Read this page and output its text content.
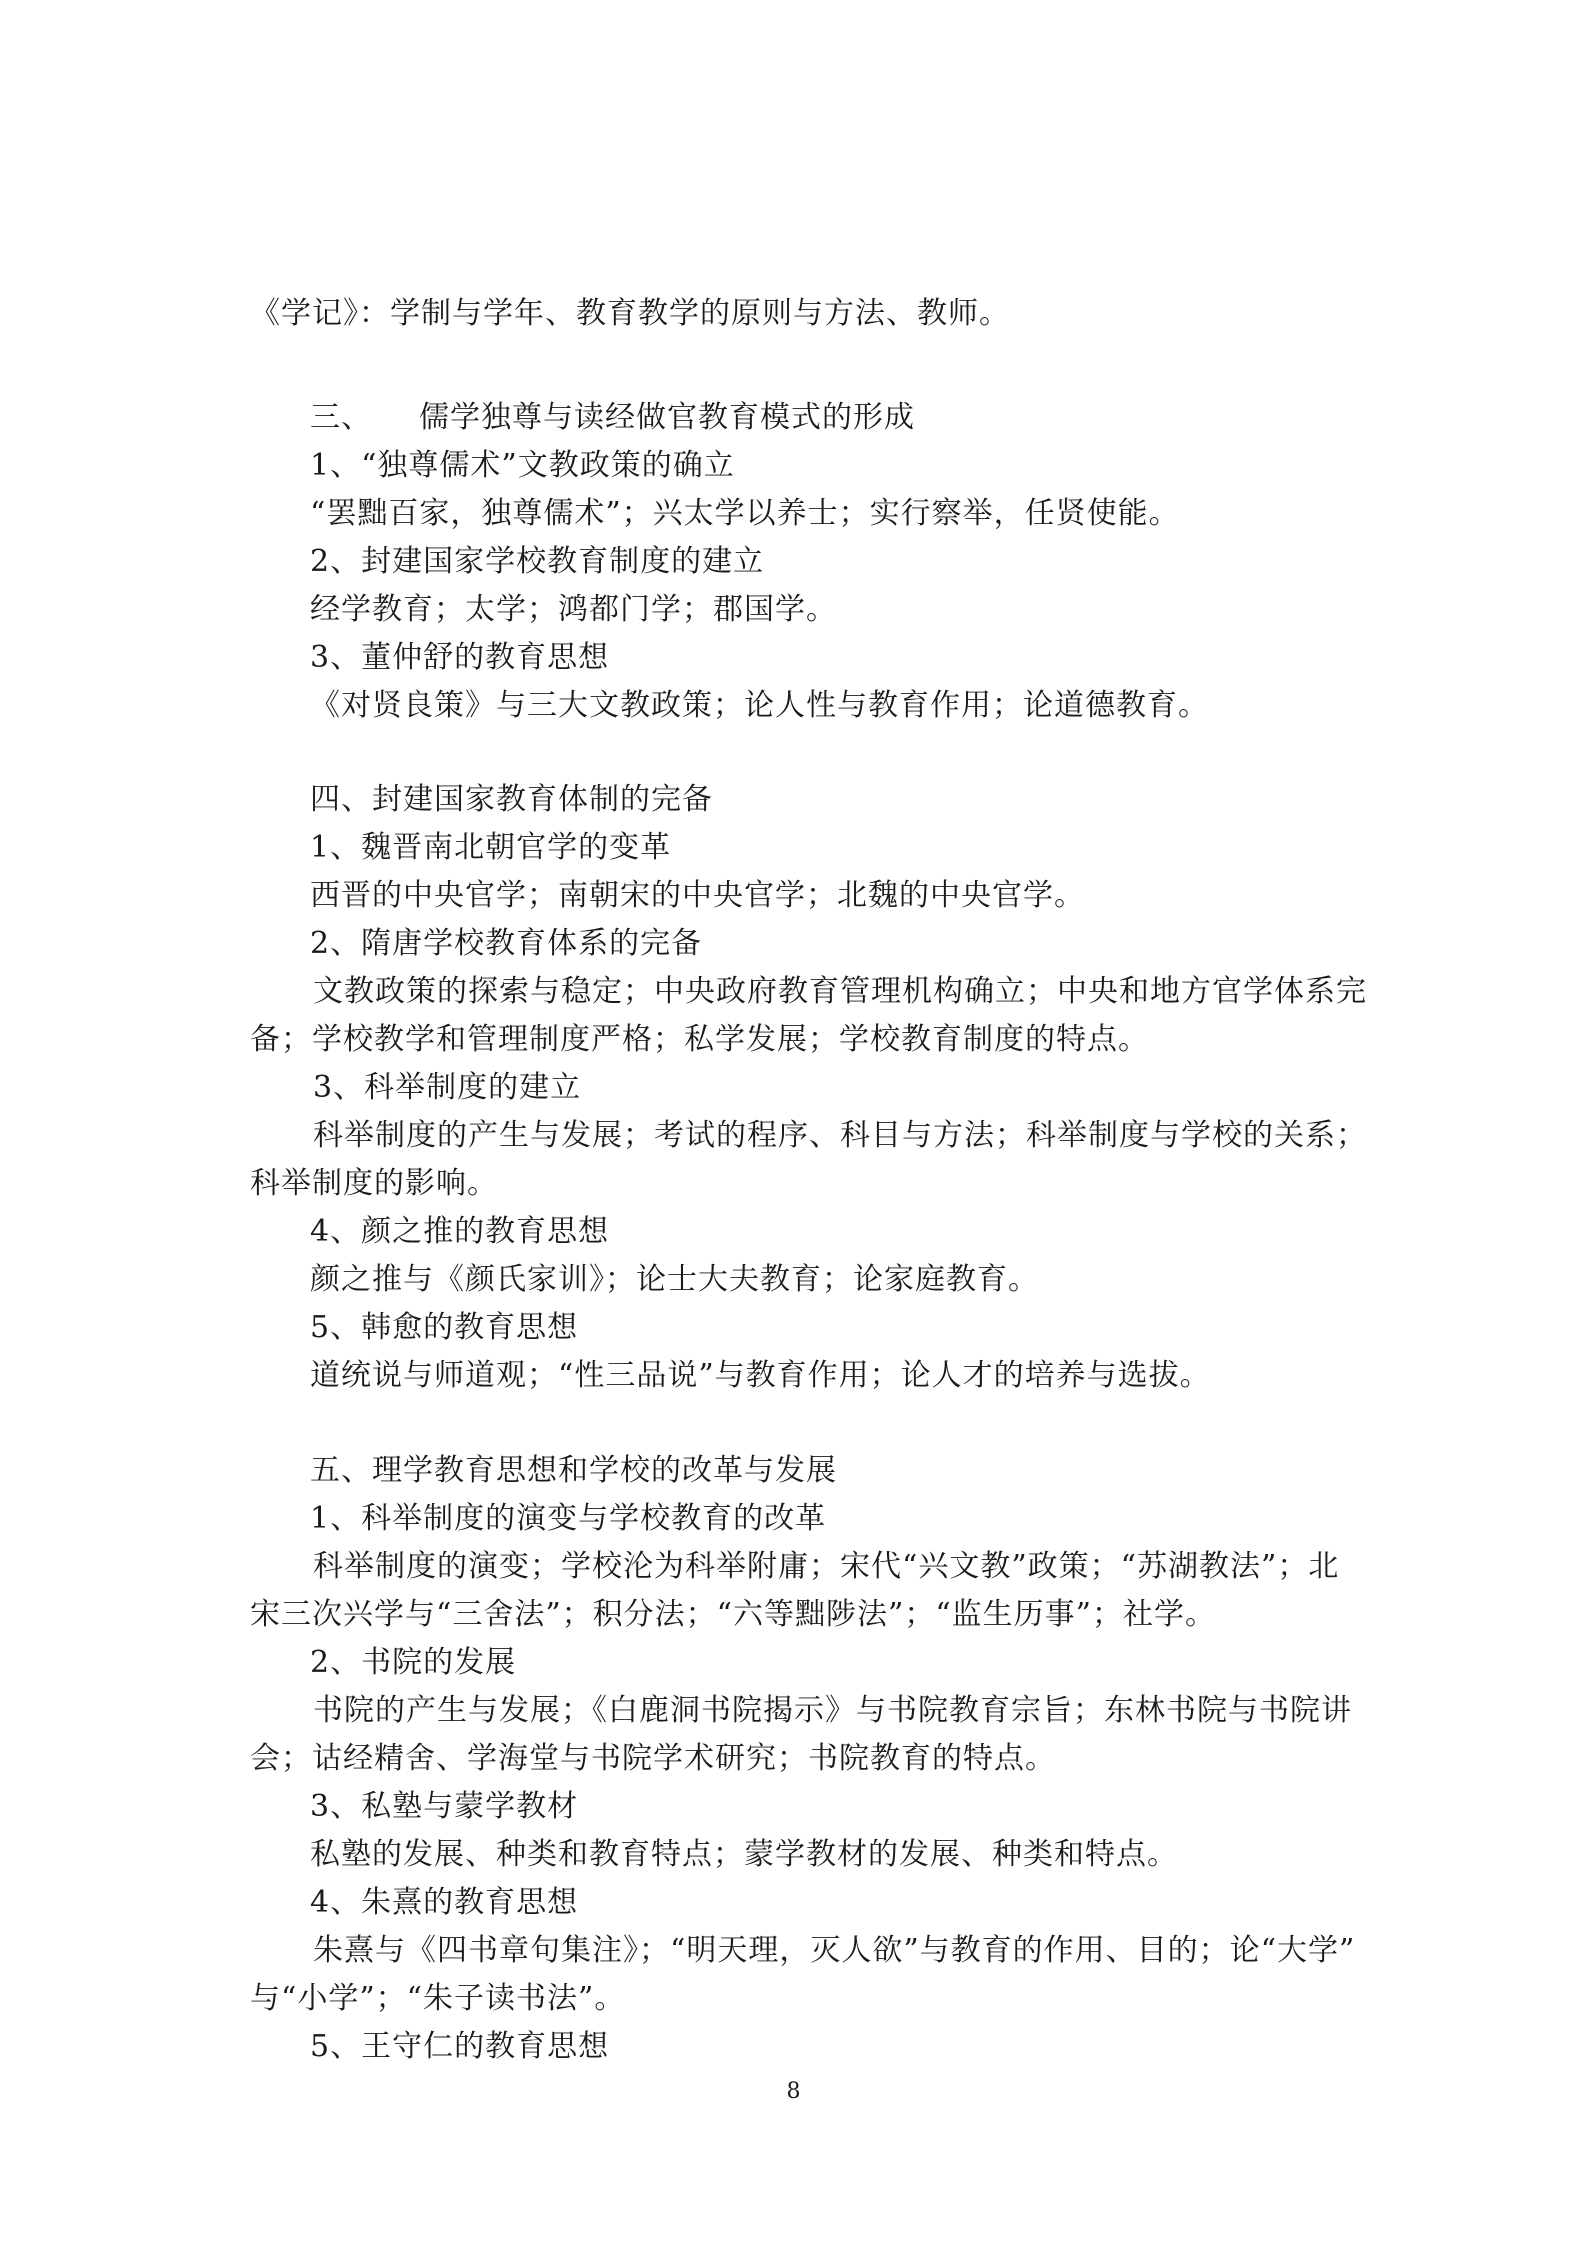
《学记》：学制与学年、教育教学的原则与方法、教师。
三、　　儒学独尊与读经做官教育模式的形成
1、“独尊儒术”文教政策的确立
“罢黜百家，独尊儒术”；兴太学以养士；实行察举，任贤使能。
2、封建国家学校教育制度的建立
经学教育；太学；鸿都门学；郡国学。
3、董仲舒的教育思想
《对贤良策》与三大文教政策；论人性与教育作用；论道德教育。
四、封建国家教育体制的完备
1、魏晋南北朝官学的变革
西晋的中央官学；南朝宋的中央官学；北魏的中央官学。
2、隋唐学校教育体系的完备
文教政策的探索与稳定；中央政府教育管理机构确立；中央和地方官学体系完
备；学校教学和管理制度严格；私学发展；学校教育制度的特点。
3、科举制度的建立
科举制度的产生与发展；考试的程序、科目与方法；科举制度与学校的关系；
科举制度的影响。
4、颜之推的教育思想
颜之推与《颜氏家训》；论士大夫教育；论家庭教育。
5、韩愈的教育思想
道统说与师道观；“性三品说”与教育作用；论人才的培养与选拔。
五、理学教育思想和学校的改革与发展
1、科举制度的演变与学校教育的改革
科举制度的演变；学校沦为科举附庸；宋代“兴文教”政策；“苏湖教法”；北
宋三次兴学与“三舍法”；积分法；“六等黜陟法”；“监生历事”；社学。
2、书院的发展
书院的产生与发展；《白鹿洞书院揭示》与书院教育宗旨；东林书院与书院讲
会；诂经精舍、学海堂与书院学术研究；书院教育的特点。
3、私塾与蒙学教材
私塾的发展、种类和教育特点；蒙学教材的发展、种类和特点。
4、朱熹的教育思想
朱熹与《四书章句集注》；“明天理，灭人欲”与教育的作用、目的；论“大学”
与“小学”；“朱子读书法”。
5、王守仁的教育思想
8
